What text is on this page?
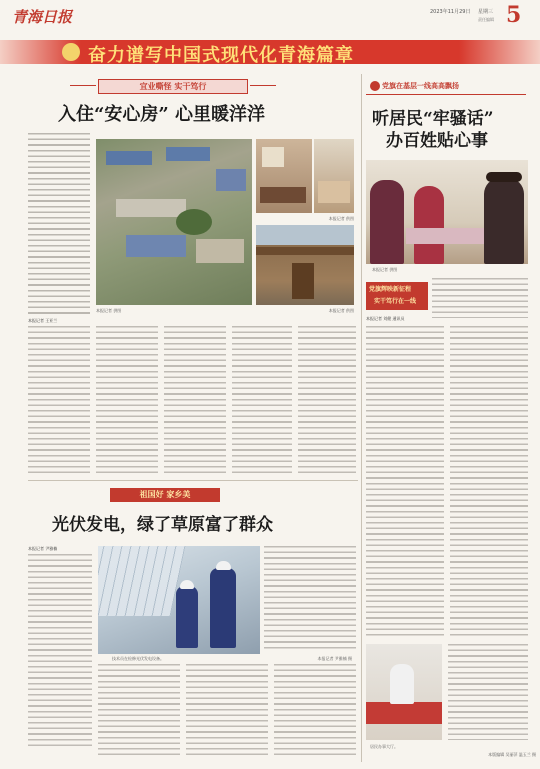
青海日报	2023年11月29日 星期三
责任编辑 5
奋力谱写中国式现代化青海篇章
宜业嘶怪 实干笃行
入住“安心房” 心里暖洋洋
本报记者 供图
本报记者 供图
本报记者 供图
本报记者 王亚兰
祖国好 家乡美
光伏发电，绿了草原富了群众
本报记者 尹雅楠
技术员在检修光伏发电设备。	本报记者 尹雅楠 摄
党旗在基层一线高高飘扬
听居民“牢骚话”
办百姓贴心事
本报记者 供图
党旗辉映新征程
实干笃行在一线
本报记者 刘健 通讯员
居民办事大厅。
本版编辑 吴丽萍 温玉兰 摄
